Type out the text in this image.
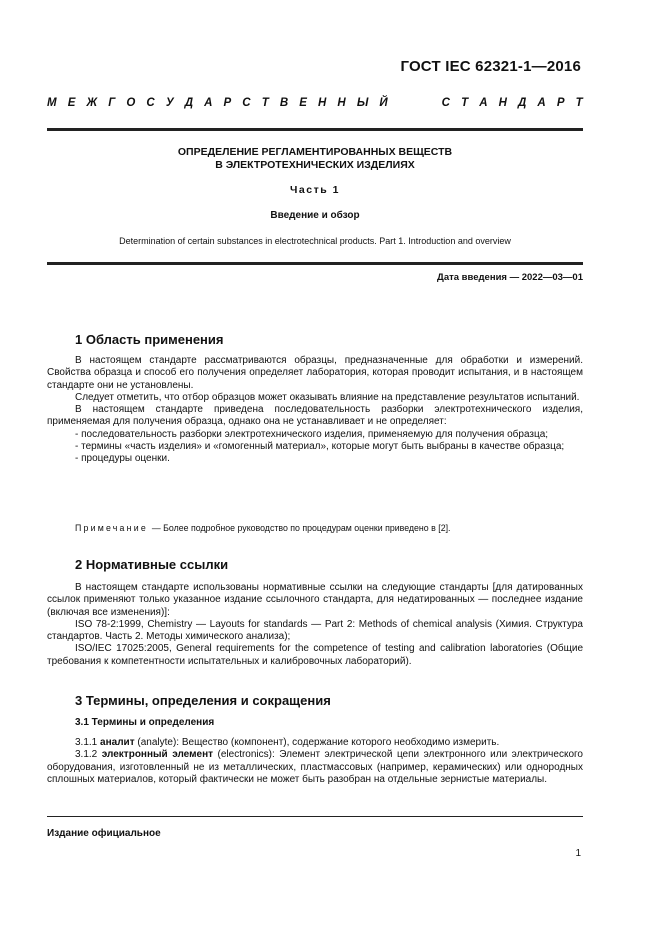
ГОСТ IEC 62321-1—2016
М Е Ж Г О С У Д А Р С Т В Е Н Н Ы Й

	С Т А Н Д А Р Т
ОПРЕДЕЛЕНИЕ РЕГЛАМЕНТИРОВАННЫХ ВЕЩЕСТВ
В ЭЛЕКТРОТЕХНИЧЕСКИХ ИЗДЕЛИЯХ
Часть 1
Введение и обзор
Determination of certain substances in electrotechnical products. Part 1. Introduction and overview
Дата введения — 2022—03—01
1 Область применения

В настоящем стандарте рассматриваются образцы, предназначенные для обработки и измерений. Свойства образца и способ его получения определяет лаборатория, которая проводит испытания, и в настоящем стандарте они не установлены.

Следует отметить, что отбор образцов может оказывать влияние на представление результатов испытаний.

В настоящем стандарте приведена последовательность разборки электротехнического изделия, применяемая для получения образца, однако она не устанавливает и не определяет:

- последовательность разборки электротехнического изделия, применяемую для получения образца;

- термины «часть изделия» и «гомогенный материал», которые могут быть выбраны в качестве образца;

- процедуры оценки.

Примечание — Более подробное руководство по процедурам оценки приведено в [2].
2 Нормативные ссылки

В настоящем стандарте использованы нормативные ссылки на следующие стандарты [для датированных ссылок применяют только указанное издание ссылочного стандарта, для недатированных — последнее издание (включая все изменения)]:

ISO 78-2:1999, Chemistry — Layouts for standards — Part 2: Methods of chemical analysis (Химия. Структура стандартов. Часть 2. Методы химического анализа);

ISO/IEC 17025:2005, General requirements for the competence of testing and calibration laboratories (Общие требования к компетентности испытательных и калибровочных лабораторий).

3 Термины, определения и сокращения
3.1 Термины и определения

3.1.1 аналит (analyte): Вещество (компонент), содержание которого необходимо измерить.

3.1.2 электронный элемент (electronics): Элемент электрической цепи электронного или электрического оборудования, изготовленный не из металлических, пластмассовых (например, керамических) или однородных сплошных материалов, который фактически не может быть разобран на отдельные зернистые материалы.

Издание официальное
1
